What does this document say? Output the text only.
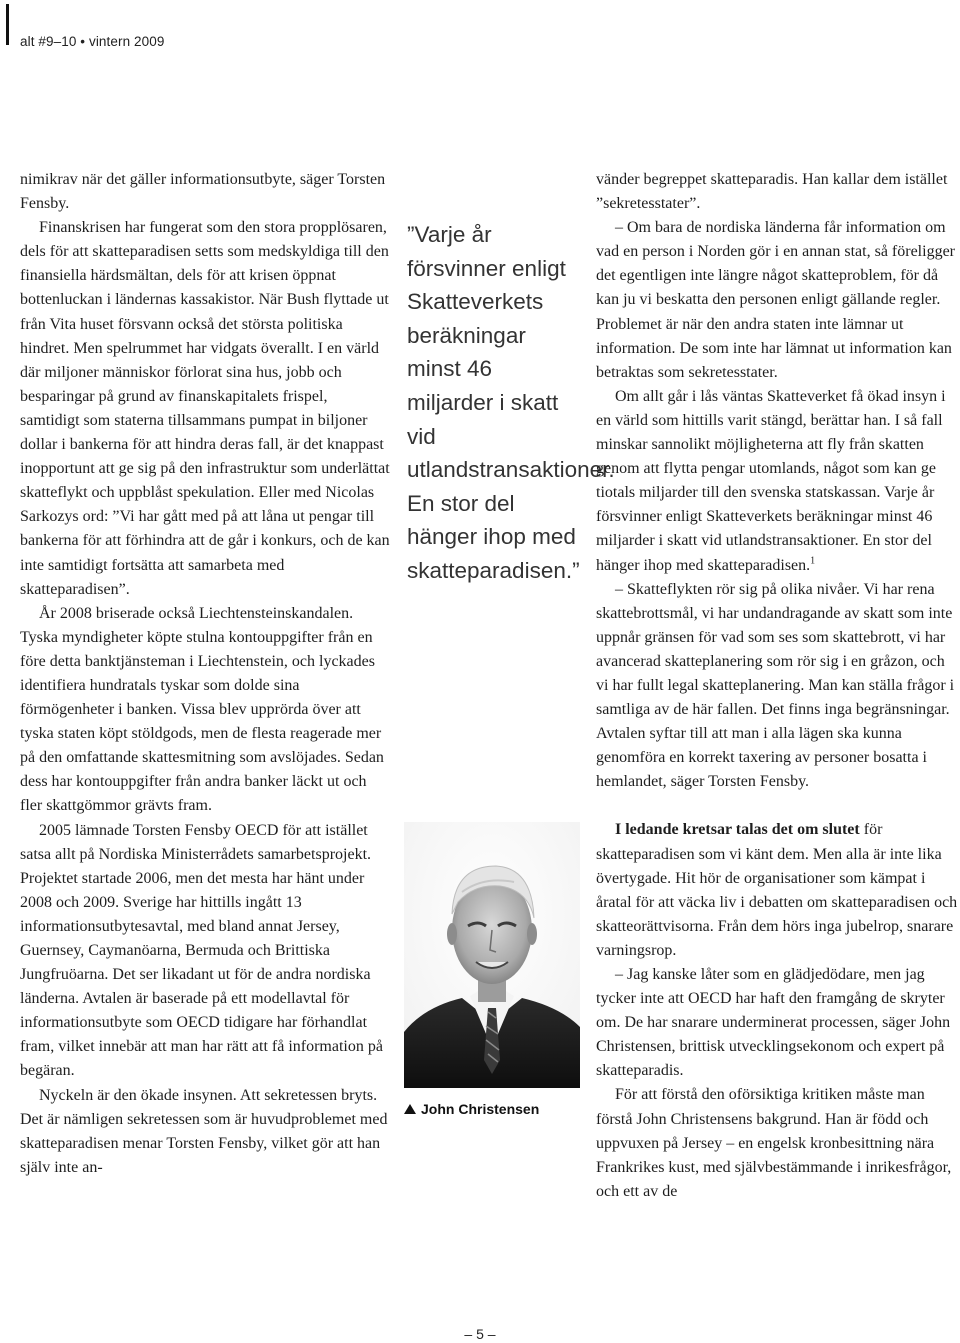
alt #9–10 • vintern 2009

nimikrav när det gäller informationsutbyte, säger Torsten Fensby.

Finanskrisen har fungerat som den stora propplösaren, dels för att skatteparadisen setts som medskyldiga till den finansiella härdsmältan, dels för att krisen öppnat bottenluckan i ländernas kassakistor. När Bush flyttade ut från Vita huset försvann också det största politiska hindret. Men spelrummet har vidgats överallt. I en värld där miljoner människor förlorat sina hus, jobb och besparingar på grund av finanskapitalets frispel, samtidigt som staterna tillsammans pumpat in biljoner dollar i bankerna för att hindra deras fall, är det knappast inopportunt att ge sig på den infrastruktur som underlättat skatteflykt och uppblåst spekulation. Eller med Nicolas Sarkozys ord: ”Vi har gått med på att låna ut pengar till bankerna för att förhindra att de går i konkurs, och de kan inte samtidigt fortsätta att samarbeta med skatteparadisen”.

År 2008 briserade också Liechtensteinskandalen. Tyska myndigheter köpte stulna kontouppgifter från en före detta banktjänsteman i Liechtenstein, och lyckades identifiera hundratals tyskar som dolde sina förmögenheter i banken. Vissa blev upprörda över att tyska staten köpt stöldgods, men de flesta reagerade mer på den omfattande skattesmitning som avslöjades. Sedan dess har kontouppgifter från andra banker läckt ut och fler skattgömmor grävts fram.

2005 lämnade Torsten Fensby OECD för att istället satsa allt på Nordiska Ministerrådets samarbetsprojekt. Projektet startade 2006, men det mesta har hänt under 2008 och 2009. Sverige har hittills ingått 13 informationsutbytesavtal, med bland annat Jersey, Guernsey, Caymanöarna, Bermuda och Brittiska Jungfruöarna. Det ser likadant ut för de andra nordiska länderna. Avtalen är baserade på ett modellavtal för informationsutbyte som OECD tidigare har förhandlat fram, vilket innebär att man har rätt att få information på begäran.

Nyckeln är den ökade insynen. Att sekretessen bryts. Det är nämligen sekretessen som är huvudproblemet med skatteparadisen menar Torsten Fensby, vilket gör att han själv inte an-

”Varje år försvinner enligt Skatteverkets beräkningar minst 46 miljarder i skatt vid utlandstransaktioner. En stor del hänger ihop med skatteparadisen.”
John Christensen

vänder begreppet skatteparadis. Han kallar dem istället ”sekretesstater”.

– Om bara de nordiska länderna får information om vad en person i Norden gör i en annan stat, så föreligger det egentligen inte längre något skatteproblem, för då kan ju vi beskatta den personen enligt gällande regler. Problemet är när den andra staten inte lämnar ut information. De som inte har lämnat ut information kan betraktas som sekretesstater.

Om allt går i lås väntas Skatteverket få ökad insyn i en värld som hittills varit stängd, berättar han. I så fall minskar sannolikt möjligheterna att fly från skatten genom att flytta pengar utomlands, något som kan ge tiotals miljarder till den svenska statskassan. Varje år försvinner enligt Skatteverkets beräkningar minst 46 miljarder i skatt vid utlandstransaktioner. En stor del hänger ihop med skatteparadisen.$^1$

– Skatteflykten rör sig på olika nivåer. Vi har rena skattebrottsmål, vi har undandragande av skatt som inte uppnår gränsen för vad som ses som skattebrott, vi har avancerad skatteplanering som rör sig i en gråzon, och vi har fullt legal skatteplanering. Man kan ställa frågor i samtliga av de här fallen. Det finns inga begränsningar. Avtalen syftar till att man i alla lägen ska kunna genomföra en korrekt taxering av personer bosatta i hemlandet, säger Torsten Fensby.

I ledande kretsar talas det om slutet för skatteparadisen som vi känt dem. Men alla är inte lika övertygade. Hit hör de organisationer som kämpat i åratal för att väcka liv i debatten om skatteparadisen och skatteorättvisorna. Från dem hörs inga jubelrop, snarare varningsrop.

– Jag kanske låter som en glädjedödare, men jag tycker inte att OECD har haft den framgång de skryter om. De har snarare underminerat processen, säger John Christensen, brittisk utvecklingsekonom och expert på skatteparadis.

För att förstå den oförsiktiga kritiken måste man förstå John Christensens bakgrund. Han är född och uppvuxen på Jersey – en engelsk kronbesittning nära Frankrikes kust, med självbestämmande i inrikesfrågor, och ett av de

– 5 –
